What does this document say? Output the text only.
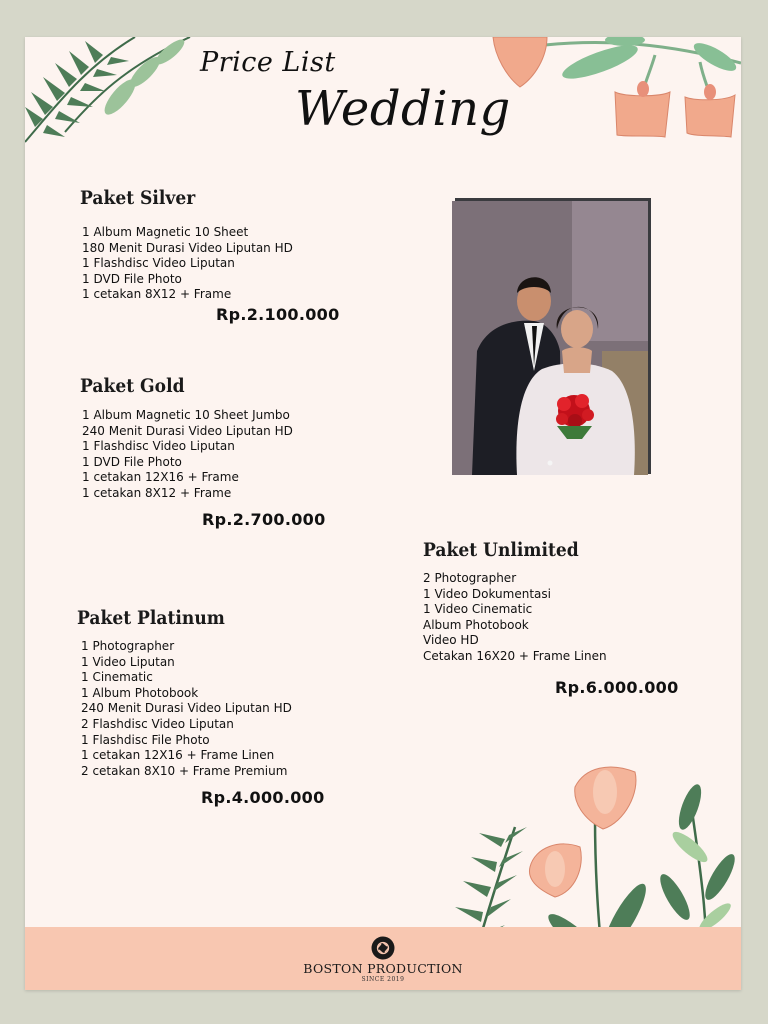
Price List
Wedding
Paket Silver
1 Album Magnetic 10 Sheet
180 Menit Durasi Video Liputan HD
1 Flashdisc Video Liputan
1 DVD File Photo
1 cetakan 8X12 + Frame
Rp.2.100.000
Paket Gold
1 Album Magnetic 10 Sheet Jumbo
240 Menit Durasi Video Liputan HD
1 Flashdisc Video Liputan
1 DVD File Photo
1 cetakan 12X16 + Frame
1 cetakan 8X12 + Frame
Rp.2.700.000
Paket Unlimited
2 Photographer
1 Video Dokumentasi
1 Video Cinematic
Album Photobook
Video HD
Cetakan 16X20 + Frame Linen
Rp.6.000.000
Paket Platinum
1 Photographer
1 Video Liputan
1 Cinematic
1 Album Photobook
240 Menit Durasi Video Liputan HD
2 Flashdisc Video Liputan
1 Flashdisc File Photo
1 cetakan 12X16 + Frame Linen
2 cetakan 8X10 + Frame Premium
Rp.4.000.000
BOSTON PRODUCTION
SINCE 2019
